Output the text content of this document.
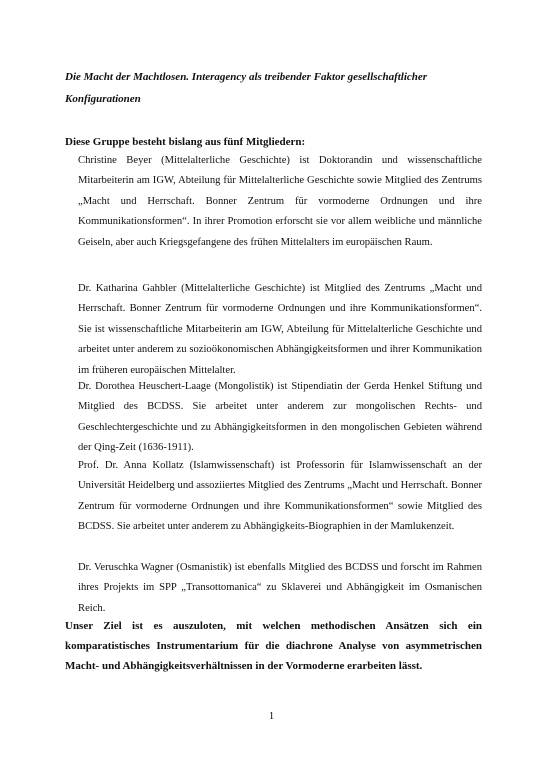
Die Macht der Machtlosen. Interagency als treibender Faktor gesellschaftlicher Konfigurationen
Diese Gruppe besteht bislang aus fünf Mitgliedern:
Christine Beyer (Mittelalterliche Geschichte) ist Doktorandin und wissenschaftliche Mitarbeiterin am IGW, Abteilung für Mittelalterliche Geschichte sowie Mitglied des Zentrums „Macht und Herrschaft. Bonner Zentrum für vormoderne Ordnungen und ihre Kommunikationsformen“. In ihrer Promotion erforscht sie vor allem weibliche und männliche Geiseln, aber auch Kriegsgefangene des frühen Mittelalters im europäischen Raum.
Dr. Katharina Gahbler (Mittelalterliche Geschichte) ist Mitglied des Zentrums „Macht und Herrschaft. Bonner Zentrum für vormoderne Ordnungen und ihre Kommunikationsformen“. Sie ist wissenschaftliche Mitarbeiterin am IGW, Abteilung für Mittelalterliche Geschichte und arbeitet unter anderem zu sozioökonomischen Abhängigkeitsformen und ihrer Kommunikation im früheren europäischen Mittelalter.
Dr. Dorothea Heuschert-Laage (Mongolistik) ist Stipendiatin der Gerda Henkel Stiftung und Mitglied des BCDSS. Sie arbeitet unter anderem zur mongolischen Rechts- und Geschlechtergeschichte und zu Abhängigkeitsformen in den mongolischen Gebieten während der Qing-Zeit (1636-1911).
Prof. Dr. Anna Kollatz (Islamwissenschaft) ist Professorin für Islamwissenschaft an der Universität Heidelberg und assoziiertes Mitglied des Zentrums „Macht und Herrschaft. Bonner Zentrum für vormoderne Ordnungen und ihre Kommunikationsformen“ sowie Mitglied des BCDSS. Sie arbeitet unter anderem zu Abhängigkeits-Biographien in der Mamlukenzeit.
Dr. Veruschka Wagner (Osmanistik) ist ebenfalls Mitglied des BCDSS und forscht im Rahmen ihres Projekts im SPP „Transottomanica“ zu Sklaverei und Abhängigkeit im Osmanischen Reich.
Unser Ziel ist es auszuloten, mit welchen methodischen Ansätzen sich ein komparatistisches Instrumentarium für die diachrone Analyse von asymmetrischen Macht- und Abhängigkeitsverhältnissen in der Vormoderne erarbeiten lässt.
1
